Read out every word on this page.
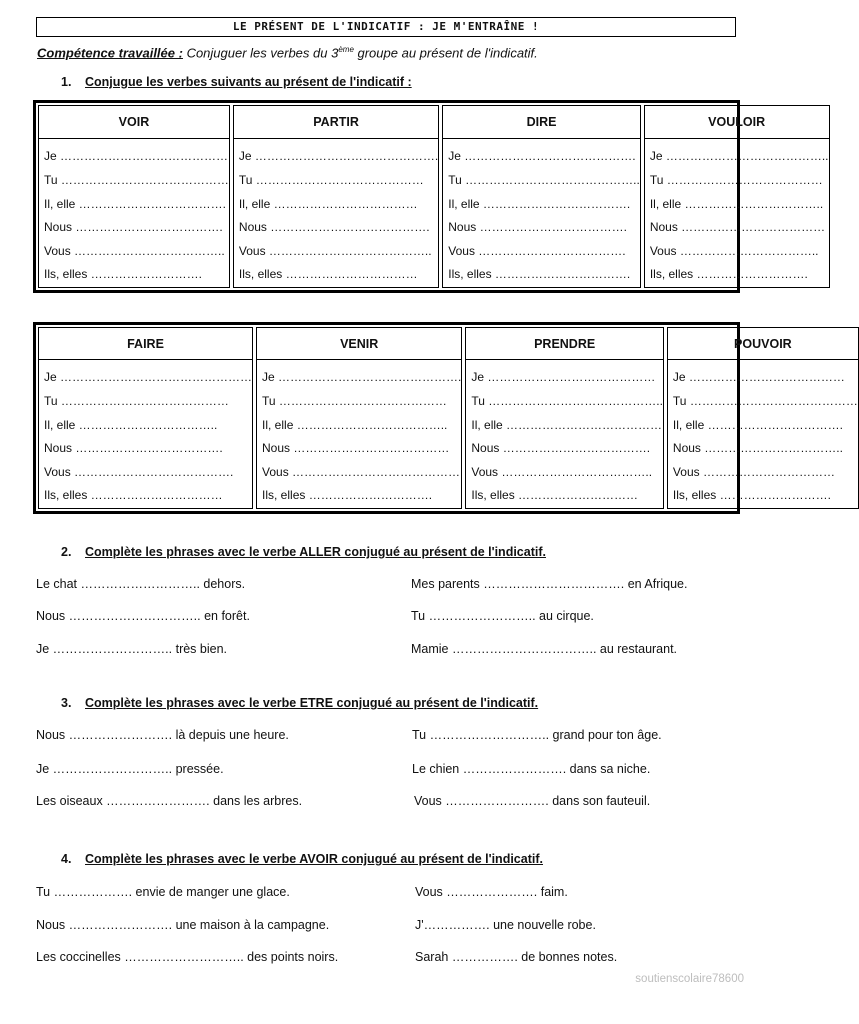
LE PRÉSENT DE L'INDICATIF : JE M'ENTRAÎNE !
Compétence travaillée : Conjuguer les verbes du 3ème groupe au présent de l'indicatif.
1. Conjugue les verbes suivants au présent de l'indicatif :
VOIR
Je ……………………………………
Tu ……………………………………
Il, elle ……………………………….
Nous ……………………………….
Vous ………………………………..
Ils, elles ……………………….
PARTIR
Je ……………………………………….
Tu ……………………………………
Il, elle ………………………………
Nous ………………………………….
Vous …………………………………..
Ils, elles ……………………………
DIRE
Je …………………………………….
Tu ……………………………………..
Il, elle ……………………………….
Nous ……………………………….
Vous ……………………………….
Ils, elles …………………………….
VOULOIR
Je …………………………………..
Tu …………………………………
Il, elle ……………………………..
Nous ………………………………
Vous ……………………………..
Ils, elles ……………………….
FAIRE
Je …………………………………………
Tu ……………………………………
Il, elle ……………………………..
Nous ……………………………….
Vous ………………………………….
Ils, elles ……………………………
VENIR
Je ……………………………………….
Tu ……………………………………
Il, elle ………………………………..
Nous …………………………………
Vous ……………………………………
Ils, elles ………………………….
PRENDRE
Je ……………………………………
Tu ……………………………………..
Il, elle …………………………………
Nous ……………………………….
Vous ………………………………..
Ils, elles …………………………
POUVOIR
Je …………………………………
Tu ……………………………………
Il, elle …………………………….
Nous ……………………………..
Vous ……………………………
Ils, elles ……………………….
2. Complète les phrases avec le verbe ALLER conjugué au présent de l'indicatif.
Le chat ……………………….. dehors.
Nous ………………………….. en forêt.
Je ……………………….. très bien.
Mes parents ……………………………. en Afrique.
Tu …………………….. au cirque.
Mamie …………………………….. au restaurant.
3. Complète les phrases avec le verbe ETRE conjugué au présent de l'indicatif.
Nous ……………………. là depuis une heure.
Je ……………………….. pressée.
Les oiseaux ……………………. dans les arbres.
Tu ……………………….. grand pour ton âge.
Le chien ……………………. dans sa niche.
Vous ……………………. dans son fauteuil.
4. Complète les phrases avec le verbe AVOIR conjugué au présent de l'indicatif.
Tu ………………. envie de manger une glace.
Nous ……………………. une maison à la campagne.
Les coccinelles ……………………….. des points noirs.
Vous …………………. faim.
J'……………. une nouvelle robe.
Sarah ……………. de bonnes notes.
soutienscolaire78600
